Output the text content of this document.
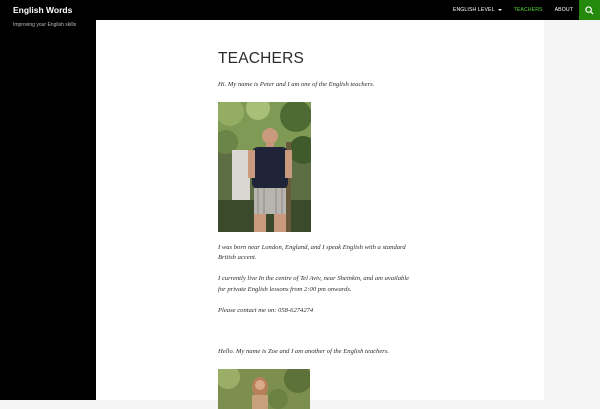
English Words	ENGLISH LEVEL	TEACHERS ABOUT
Improving your English skills
TEACHERS

Hi. My name is Peter and I am one of the English teachers.

I was born near London, England, and I speak English with a standard
British accent.

I currently live In the centre of Tel Aviv, near Sheinkin, and am available
for private English lessons from 2:00 pm onwards.

Please contact me on: 058-6274274

Hello. My name is Zoe and I am another of the English teachers.
